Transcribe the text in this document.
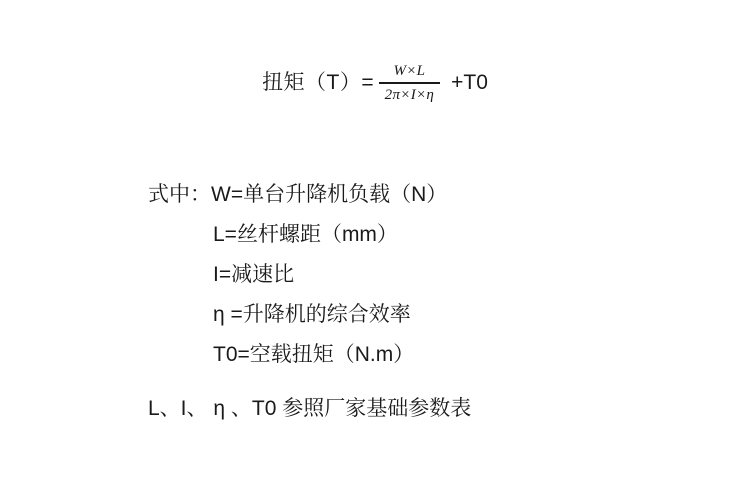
扭矩$(T) = \frac{W\times L}{2\pi\times I\times\eta} +T0$
式中：W=单台升降机负载（N）
L=丝杆螺距（mm）
I=减速比
η =升降机的综合效率
T0=空载扭矩（N.m）
L、I、 η 、T0 参照厂家基础参数表
